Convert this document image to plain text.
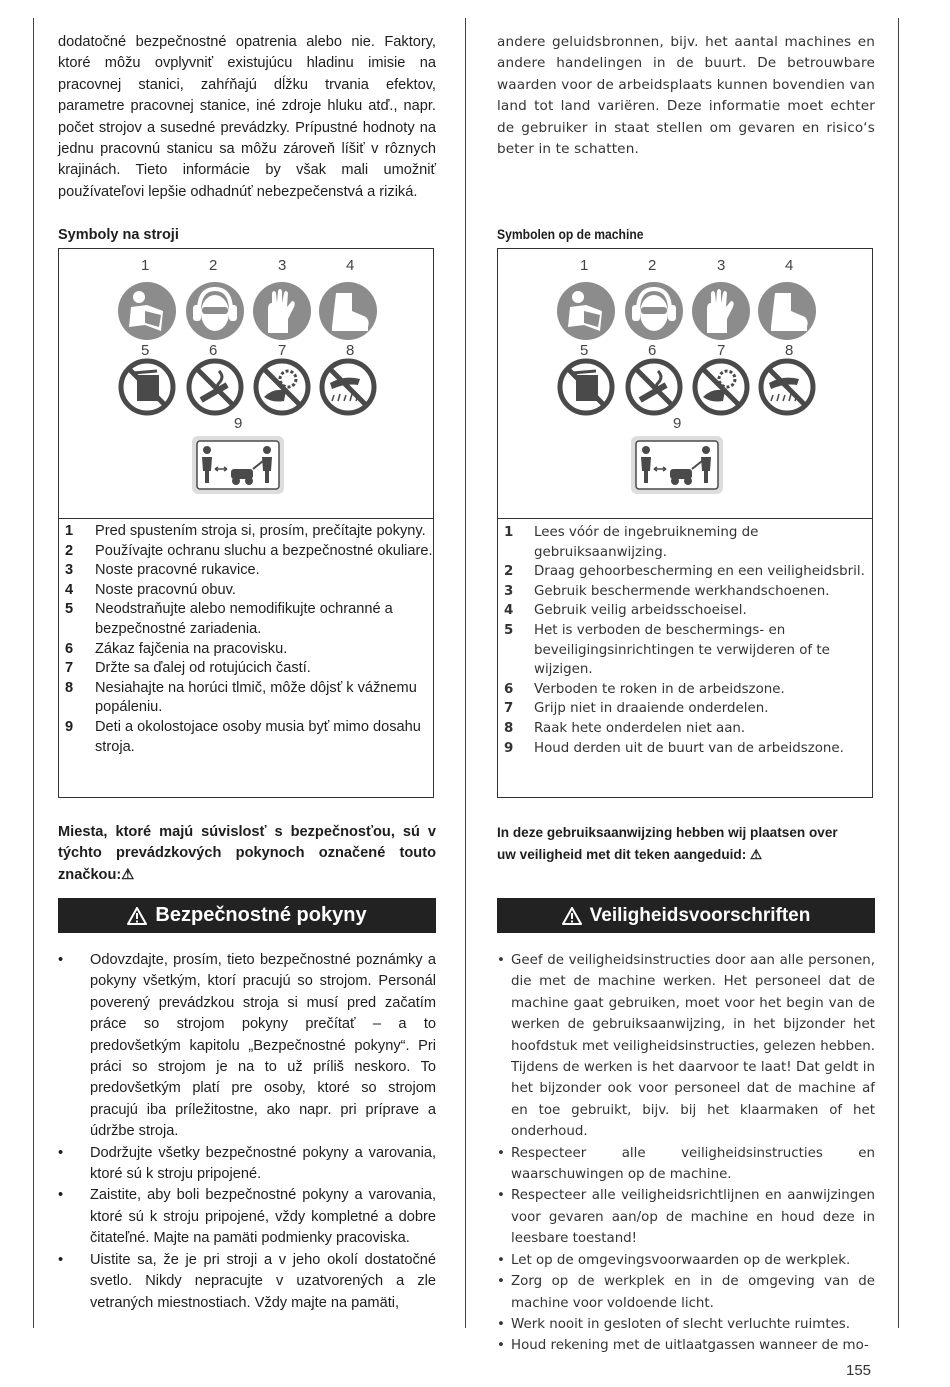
dodatočné bezpečnostné opatrenia alebo nie. Faktory, ktoré môžu ovplyvniť existujúcu hladinu imisie na pracovnej stanici, zahŕňajú dĺžku trvania efektov, parametre pracovnej stanice, iné zdroje hluku atď., napr. počet strojov a susedné prevádzky. Prípustné hodnoty na jednu pracovnú stanicu sa môžu zároveň líšiť v rôznych krajinách. Tieto informácie by však mali umožniť používateľovi lepšie odhadnúť nebezpečenstvá a riziká.

andere geluidsbronnen, bijv. het aantal machines en andere handelingen in de buurt. De betrouwbare waarden voor de arbeidsplaats kunnen bovendien van land tot land variëren. Deze informatie moet echter de gebruiker in staat stellen om gevaren en risico‘s beter in te schatten.

Symboly na stroji	Symbolen op de machine
1	2	3	4
5	6	7	8
9
1	Pred spustením stroja si, prosím, prečítajte pokyny.
2	Používajte ochranu sluchu a bezpečnostné okuliare.
3	Noste pracovné rukavice.
4	Noste pracovnú obuv.
5	Neodstraňujte alebo nemodifikujte ochranné a bezpečnostné zariadenia.
6	Zákaz fajčenia na pracovisku.
7	Držte sa ďalej od rotujúcich častí.
8	Nesiahajte na horúci tlmič, môže dôjsť k vážnemu popáleniu.
9	Deti a okolostojace osoby musia byť mimo dosahu stroja.
1	2	3	4
5	6	7	8
9
1	Lees vóór de ingebruikneming de gebruiksaanwijzing.
2	Draag gehoorbescherming en een veiligheidsbril.
3	Gebruik beschermende werkhandschoenen.
4	Gebruik veilig arbeidsschoeisel.
5	Het is verboden de beschermings- en beveiligingsinrichtingen te verwijderen of te wijzigen.
6	Verboden te roken in de arbeidszone.
7	Grijp niet in draaiende onderdelen.
8	Raak hete onderdelen niet aan.
9	Houd derden uit de buurt van de arbeidszone.
Miesta, ktoré majú súvislosť s bezpečnosťou, sú v týchto prevádzkových pokynoch označené touto značkou:⚠
In deze gebruiksaanwijzing hebben wij plaatsen over
uw veiligheid met dit teken aangeduid: ⚠
Bezpečnostné pokyny	Veiligheidsvoorschriften
•	Odovzdajte, prosím, tieto bezpečnostné poznámky a pokyny všetkým, ktorí pracujú so strojom. Personál poverený prevádzkou stroja si musí pred začatím práce so strojom pokyny prečítať – a to predovšetkým kapitolu „Bezpečnostné pokyny“. Pri práci so strojom je na to už príliš neskoro. To predovšetkým platí pre osoby, ktoré so strojom pracujú iba príležitostne, ako napr. pri príprave a údržbe stroja.
•	Dodržujte všetky bezpečnostné pokyny a varovania, ktoré sú k stroju pripojené.
•	Zaistite, aby boli bezpečnostné pokyny a varovania, ktoré sú k stroju pripojené, vždy kompletné a dobre čitateľné. Majte na pamäti podmienky pracoviska.
•	Uistite sa, že je pri stroji a v jeho okolí dostatočné svetlo. Nikdy nepracujte v uzatvorených a zle vetraných miestnostiach. Vždy majte na pamäti,
• Geef de veiligheidsinstructies door aan alle personen, die met de machine werken. Het personeel dat de machine gaat gebruiken, moet voor het begin van de werken de gebruiksaanwijzing, in het bijzonder het hoofdstuk met veiligheidsinstructies, gelezen hebben. Tijdens de werken is het daarvoor te laat! Dat geldt in het bijzonder ook voor personeel dat de machine af en toe gebruikt, bijv. bij het klaarmaken of het onderhoud.
• Respecteer alle veiligheidsinstructies en waarschuwingen op de machine.
• Respecteer alle veiligheidsrichtlijnen en aanwijzingen voor gevaren aan/op de machine en houd deze in leesbare toestand!
• Let op de omgevingsvoorwaarden op de werkplek.
• Zorg op de werkplek en in de omgeving van de machine voor voldoende licht.
• Werk nooit in gesloten of slecht verluchte ruimtes.
• Houd rekening met de uitlaatgassen wanneer de mo-
155
